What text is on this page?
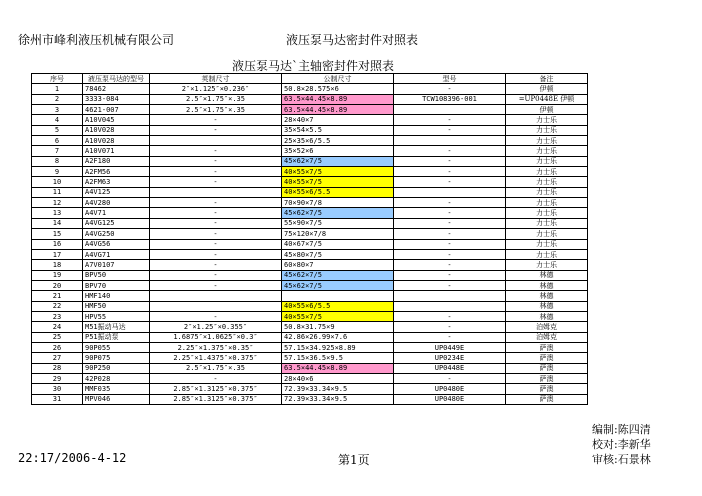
徐州市峰利液压机械有限公司	液压泵马达密封件对照表
液压泵马达`主轴密封件对照表
序号	液压泵马达的型号	英制尺寸	公制尺寸	型号	备注
1	78462	2″×1.125″×0.236″	50.8×28.575×6	-	伊顿
2	3333-084	2.5″×1.75″×.35	63.5×44.45×8.89	TCW108396-001	=UP0448E 伊顿
3	4621-007	2.5″×1.75″×.35	63.5×44.45×8.89		伊顿
4	A10V045	-	28×40×7	-	力士乐
5	A10V028	-	35×54×5.5	-	力士乐
6	A10V028		25×35×6/5.5		力士乐
7	A10V071	-	35×52×6	-	力士乐
8	A2F180	-	45×62×7/5	-	力士乐
9	A2FM56	-	40×55×7/5	-	力士乐
10	A2FM63	-	40×55×7/5	-	力士乐
11	A4V125		40×55×6/5.5		力士乐
12	A4V280	-	70×90×7/8	-	力士乐
13	A4V71	-	45×62×7/5	-	力士乐
14	A4VG125	-	55×90×7/5	-	力士乐
15	A4VG250	-	75×120×7/8	-	力士乐
16	A4VG56	-	40×67×7/5	-	力士乐
17	A4VG71	-	45×80×7/5	-	力士乐
18	A7V0107	-	60×80×7	-	力士乐
19	BPV50	-	45×62×7/5	-	林德
20	BPV70	-	45×62×7/5	-	林德
21	HMF140				林德
22	HMF50		40×55×6/5.5		林德
23	HPV55	-	40×55×7/5	-	林德
24	M51振动马达	2″×1.25″×0.355″	50.8×31.75×9	-	泊姆克
25	P51振动泵	1.6875″×1.0625″×0.3″	42.86×26.99×7.6	-	泊姆克
26	90P055	2.25″×1.375″×0.35″	57.15×34.925×8.89	UP0449E	萨澳
27	90P075	2.25″×1.4375″×0.375″	57.15×36.5×9.5	UP0234E	萨澳
28	90P250	2.5″×1.75″×.35	63.5×44.45×8.89	UP0448E	萨澳
29	42P028	-	28×40×6	-	萨澳
30	MMF035	2.85″×1.3125″×0.375″	72.39×33.34×9.5	UP0480E	萨澳
31	MPV046	2.85″×1.3125″×0.375″	72.39×33.34×9.5	UP0480E	萨澳
编制:陈四清
校对:李新华
审核:石景林
22:17/2006-4-12	第1页
